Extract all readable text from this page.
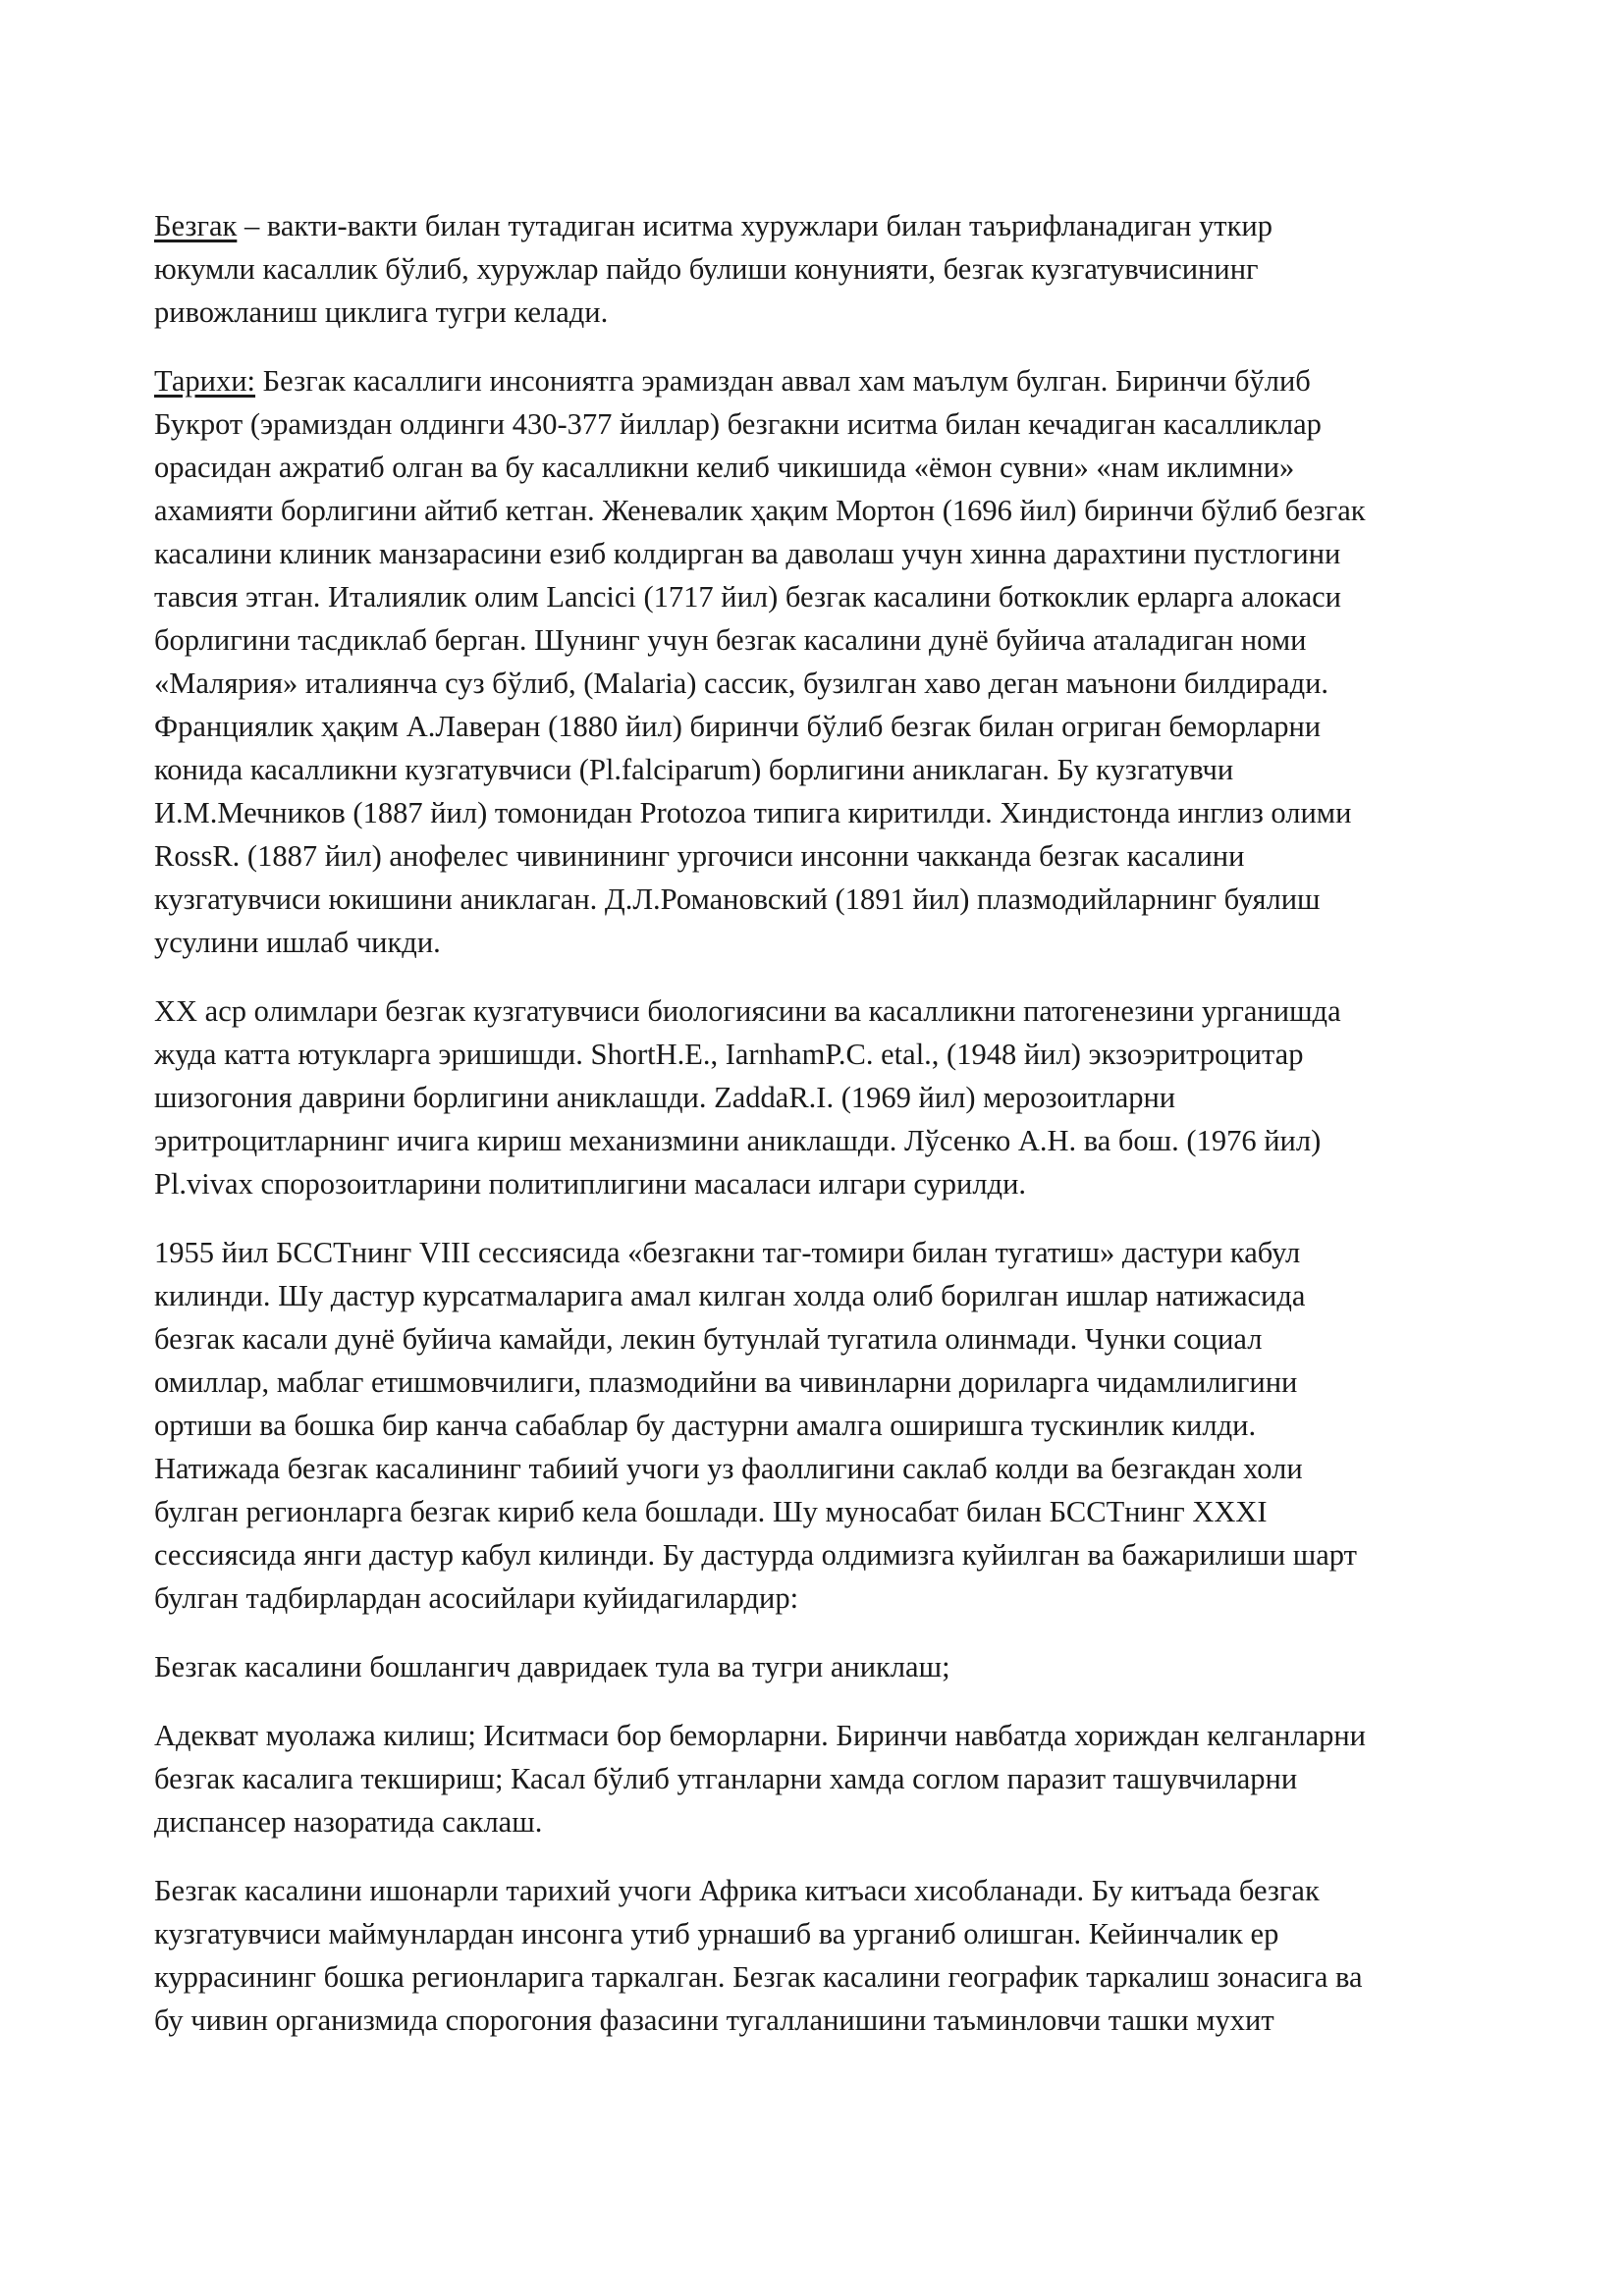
Безгак – вакти-вакти билан тутадиган иситма хуружлари билан таърифланадиган уткир
юкумли касаллик бўлиб, хуружлар пайдо булиши конунияти, безгак кузгатувчисининг
ривожланиш циклига тугри келади.

Тарихи: Безгак касаллиги инсониятга эрамиздан аввал хам маълум булган. Биринчи бўлиб
Букрот (эрамиздан олдинги 430-377 йиллар) безгакни иситма билан кечадиган касалликлар
орасидан ажратиб олган ва бу касалликни келиб чикишида «ёмон сувни» «нам иклимни»
ахамияти борлигини айтиб кетган. Женевалик ҳақим Мортон (1696 йил) биринчи бўлиб безгак
касалини клиник манзарасини езиб колдирган ва даволаш учун хинна дарахтини пустлогини
тавсия этган. Италиялик олим Lancici (1717 йил) безгак касалини боткоклик ерларга алокаси
борлигини тасдиклаб берган. Шунинг учун безгак касалини дунё буйича аталадиган номи
«Малярия» италиянча суз бўлиб, (Malaria) сассик, бузилган хаво деган маънони билдиради.
Франциялик ҳақим А.Лаверан (1880 йил) биринчи бўлиб безгак билан огриган беморларни
конида касалликни кузгатувчиси (Pl.falciparum) борлигини аниклаган. Бу кузгатувчи
И.М.Мечников (1887 йил) томонидан Protozoa типига киритилди. Хиндистонда инглиз олими
RossR. (1887 йил) анофелес чивинининг ургочиси инсонни чакканда безгак касалини
кузгатувчиси юкишини аниклаган. Д.Л.Романовский (1891 йил) плазмодийларнинг буялиш
усулини ишлаб чикди.

XX аср олимлари безгак кузгатувчиси биологиясини ва касалликни патогенезини урганишда
жуда катта ютукларга эришишди. ShortH.E., IarnhamP.C. etal., (1948 йил) экзоэритроцитар
шизогония даврини борлигини аниклашди. ZaddaR.I. (1969 йил) мерозоитларни
эритроцитларнинг ичига кириш механизмини аниклашди. Лўсенко А.Н. ва бош. (1976 йил)
Pl.vivax спорозоитларини политиплигини масаласи илгари сурилди.

1955 йил БССТнинг VIII сессиясида «безгакни таг-томири билан тугатиш» дастури кабул
килинди. Шу дастур курсатмаларига амал килган холда олиб борилган ишлар натижасида
безгак касали дунё буйича камайди, лекин бутунлай тугатила олинмади. Чунки социал
омиллар, маблаг етишмовчилиги, плазмодийни ва чивинларни дориларга чидамлилигини
ортиши ва бошка бир канча сабаблар бу дастурни амалга оширишга тускинлик килди.
Натижада безгак касалининг табиий учоги уз фаоллигини саклаб колди ва безгакдан холи
булган регионларга безгак кириб кела бошлади. Шу муносабат билан БССТнинг XXXI
сессиясида янги дастур кабул килинди. Бу дастурда олдимизга куйилган ва бажарилиши шарт
булган тадбирлардан асосийлари куйидагилардир:

Безгак касалини бошлангич давридаек тула ва тугри аниклаш;

Адекват муолажа килиш; Иситмаси бор беморларни. Биринчи навбатда хориждан келганларни
безгак касалига текшириш; Касал бўлиб утганларни хамда соглом паразит ташувчиларни
диспансер назоратида саклаш.

Безгак касалини ишонарли тарихий учоги Африка китъаси хисобланади. Бу китъада безгак
кузгатувчиси маймунлардан инсонга утиб урнашиб ва урганиб олишган. Кейинчалик ер
куррасининг бошка регионларига таркалган. Безгак касалини географик таркалиш зонасига ва
бу чивин организмида спорогония фазасини тугалланишини таъминловчи ташки мухит
